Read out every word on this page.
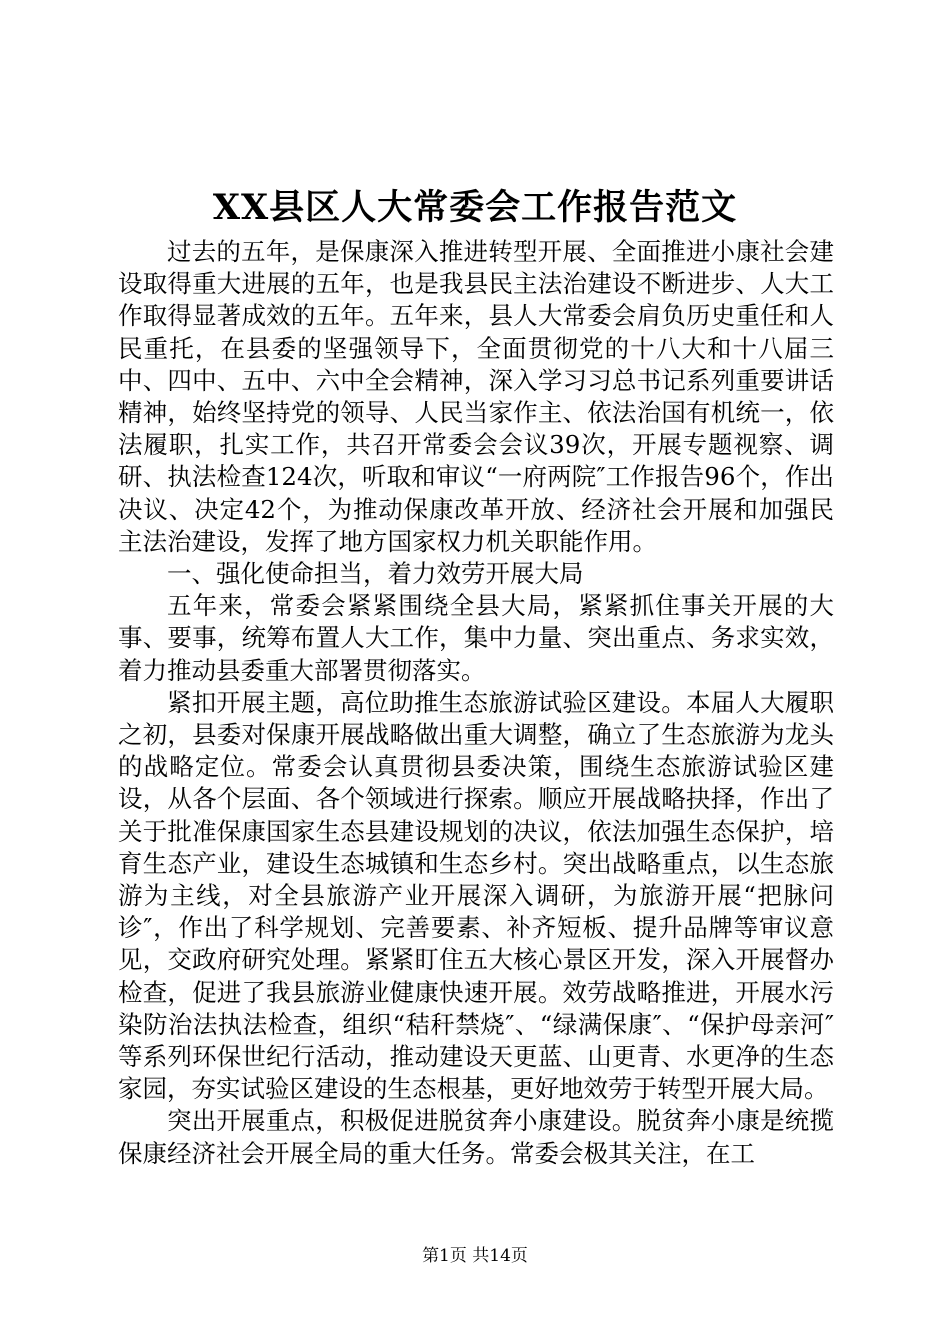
XX县区人大常委会工作报告范文

过去的五年，是保康深入推进转型开展、全面推进小康社会建设取得重大进展的五年，也是我县民主法治建设不断进步、人大工作取得显著成效的五年。五年来，县人大常委会肩负历史重任和人民重托，在县委的坚强领导下，全面贯彻党的十八大和十八届三中、四中、五中、六中全会精神，深入学习习总书记系列重要讲话精神，始终坚持党的领导、人民当家作主、依法治国有机统一，依法履职，扎实工作，共召开常委会会议39次，开展专题视察、调研、执法检查124次，听取和审议“一府两院″工作报告96个，作出决议、决定42个，为推动保康改革开放、经济社会开展和加强民主法治建设，发挥了地方国家权力机关职能作用。

一、强化使命担当，着力效劳开展大局

五年来，常委会紧紧围绕全县大局，紧紧抓住事关开展的大事、要事，统筹布置人大工作，集中力量、突出重点、务求实效，着力推动县委重大部署贯彻落实。

紧扣开展主题，高位助推生态旅游试验区建设。本届人大履职之初，县委对保康开展战略做出重大调整，确立了生态旅游为龙头的战略定位。常委会认真贯彻县委决策，围绕生态旅游试验区建设，从各个层面、各个领域进行探索。顺应开展战略抉择，作出了关于批准保康国家生态县建设规划的决议，依法加强生态保护，培育生态产业，建设生态城镇和生态乡村。突出战略重点，以生态旅游为主线，对全县旅游产业开展深入调研，为旅游开展“把脉问诊″，作出了科学规划、完善要素、补齐短板、提升品牌等审议意见，交政府研究处理。紧紧盯住五大核心景区开发，深入开展督办检查，促进了我县旅游业健康快速开展。效劳战略推进，开展水污染防治法执法检查，组织“秸秆禁烧″、“绿满保康″、“保护母亲河″等系列环保世纪行活动，推动建设天更蓝、山更青、水更净的生态家园，夯实试验区建设的生态根基，更好地效劳于转型开展大局。

突出开展重点，积极促进脱贫奔小康建设。脱贫奔小康是统揽保康经济社会开展全局的重大任务。常委会极其关注，在工

第1页 共14页
